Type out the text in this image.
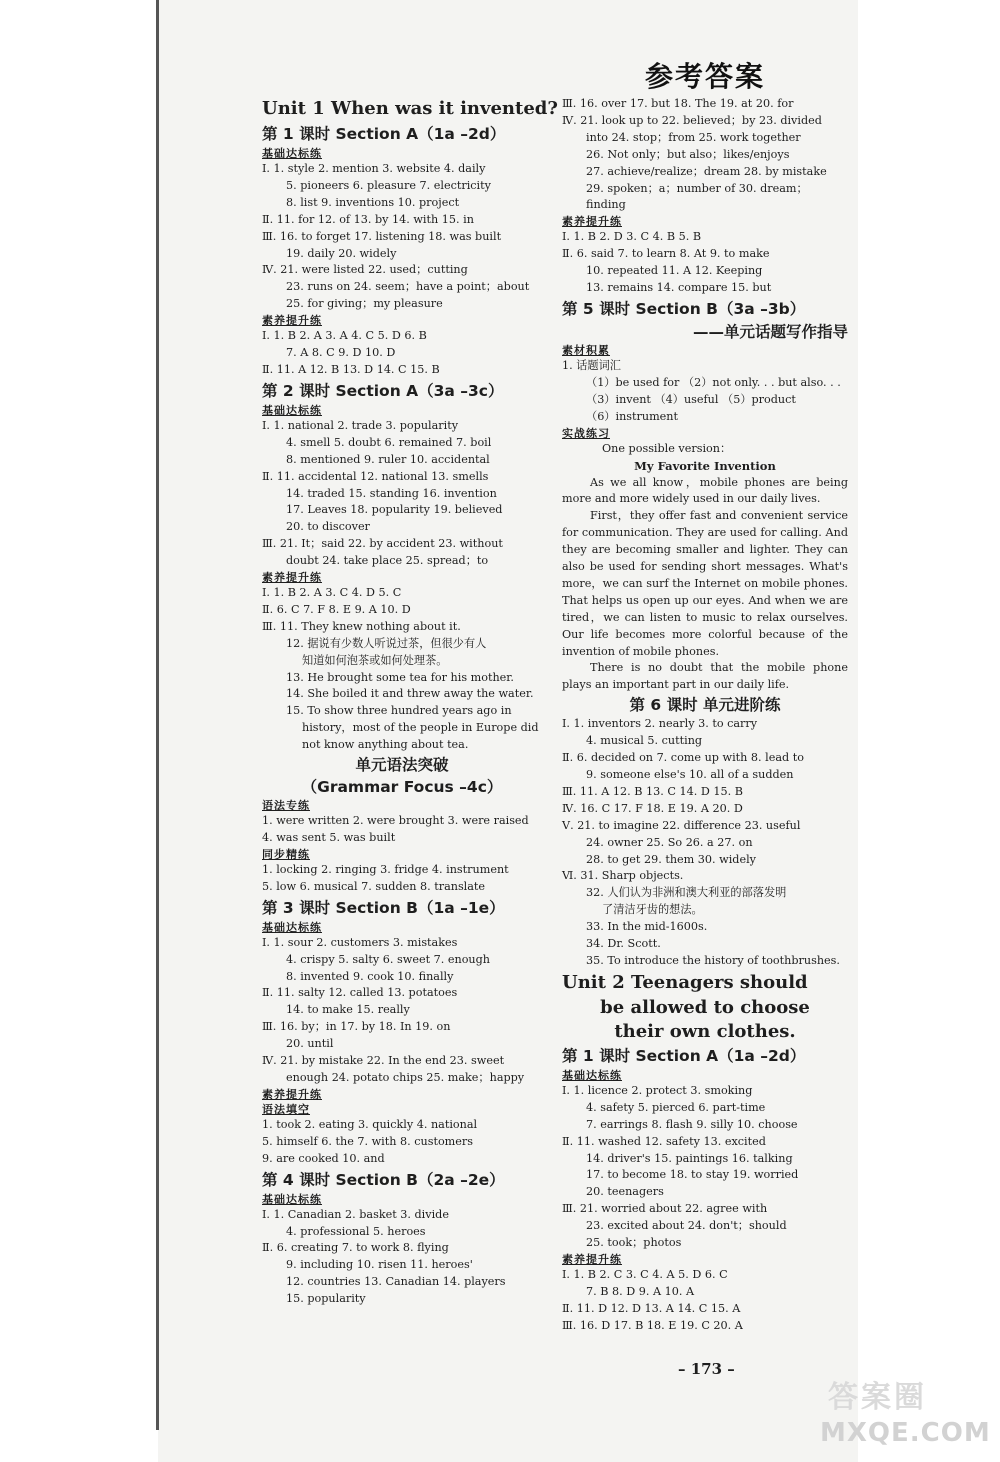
参考答案
Unit 1 When was it invented?
第 1 课时 Section A（1a –2d）
基础达标练
Ⅰ. 1. style 2. mention 3. website 4. daily
5. pioneers 6. pleasure 7. electricity
8. list 9. inventions 10. project
Ⅱ. 11. for 12. of 13. by 14. with 15. in
Ⅲ. 16. to forget 17. listening 18. was built
19. daily 20. widely
Ⅳ. 21. were listed 22. used；cutting
23. runs on 24. seem；have a point；about
25. for giving；my pleasure
素养提升练
Ⅰ. 1. B 2. A 3. A 4. C 5. D 6. B
7. A 8. C 9. D 10. D
Ⅱ. 11. A 12. B 13. D 14. C 15. B
第 2 课时 Section A（3a –3c）
基础达标练
Ⅰ. 1. national 2. trade 3. popularity
4. smell 5. doubt 6. remained 7. boil
8. mentioned 9. ruler 10. accidental
Ⅱ. 11. accidental 12. national 13. smells
14. traded 15. standing 16. invention
17. Leaves 18. popularity 19. believed
20. to discover
Ⅲ. 21. It；said 22. by accident 23. without
doubt 24. take place 25. spread；to
素养提升练
Ⅰ. 1. B 2. A 3. C 4. D 5. C
Ⅱ. 6. C 7. F 8. E 9. A 10. D
Ⅲ. 11. They knew nothing about it.
12. 据说有少数人听说过茶，但很少有人
知道如何泡茶或如何处理茶。
13. He brought some tea for his mother.
14. She boiled it and threw away the water.
15. To show three hundred years ago in
history，most of the people in Europe did
not know anything about tea.
单元语法突破
（Grammar Focus –4c）
语法专练
1. were written 2. were brought 3. were raised
4. was sent 5. was built
同步精练
1. locking 2. ringing 3. fridge 4. instrument
5. low 6. musical 7. sudden 8. translate
第 3 课时 Section B（1a –1e）
基础达标练
Ⅰ. 1. sour 2. customers 3. mistakes
4. crispy 5. salty 6. sweet 7. enough
8. invented 9. cook 10. finally
Ⅱ. 11. salty 12. called 13. potatoes
14. to make 15. really
Ⅲ. 16. by；in 17. by 18. In 19. on
20. until
Ⅳ. 21. by mistake 22. In the end 23. sweet
enough 24. potato chips 25. make；happy
素养提升练
语法填空
1. took 2. eating 3. quickly 4. national
5. himself 6. the 7. with 8. customers
9. are cooked 10. and
第 4 课时 Section B（2a –2e）
基础达标练
Ⅰ. 1. Canadian 2. basket 3. divide
4. professional 5. heroes
Ⅱ. 6. creating 7. to work 8. flying
9. including 10. risen 11. heroes'
12. countries 13. Canadian 14. players
15. popularity
Ⅲ. 16. over 17. but 18. The 19. at 20. for
Ⅳ. 21. look up to 22. believed；by 23. divided
into 24. stop；from 25. work together
26. Not only；but also；likes/enjoys
27. achieve/realize；dream 28. by mistake
29. spoken；a；number of 30. dream；
finding
素养提升练
Ⅰ. 1. B 2. D 3. C 4. B 5. B
Ⅱ. 6. said 7. to learn 8. At 9. to make
10. repeated 11. A 12. Keeping
13. remains 14. compare 15. but
第 5 课时 Section B（3a –3b）
——单元话题写作指导
素材积累
1. 话题词汇
（1）be used for （2）not only. . . but also. . .
（3）invent （4）useful （5）product
（6）instrument
实战练习
One possible version：
My Favorite Invention
As we all know，mobile phones are being more and more widely used in our daily lives.
First，they offer fast and convenient service for communication. They are used for calling. And they are becoming smaller and lighter. They can also be used for sending short messages. What's more，we can surf the Internet on mobile phones. That helps us open up our eyes. And when we are tired，we can listen to music to relax ourselves. Our life becomes more colorful because of the invention of mobile phones.
There is no doubt that the mobile phone plays an important part in our daily life.
第 6 课时 单元进阶练
Ⅰ. 1. inventors 2. nearly 3. to carry
4. musical 5. cutting
Ⅱ. 6. decided on 7. come up with 8. lead to
9. someone else's 10. all of a sudden
Ⅲ. 11. A 12. B 13. C 14. D 15. B
Ⅳ. 16. C 17. F 18. E 19. A 20. D
Ⅴ. 21. to imagine 22. difference 23. useful
24. owner 25. So 26. a 27. on
28. to get 29. them 30. widely
Ⅵ. 31. Sharp objects.
32. 人们认为非洲和澳大利亚的部落发明
了清洁牙齿的想法。
33. In the mid-1600s.
34. Dr. Scott.
35. To introduce the history of toothbrushes.
Unit 2 Teenagers should
be allowed to choose
their own clothes.
第 1 课时 Section A（1a –2d）
基础达标练
Ⅰ. 1. licence 2. protect 3. smoking
4. safety 5. pierced 6. part-time
7. earrings 8. flash 9. silly 10. choose
Ⅱ. 11. washed 12. safety 13. excited
14. driver's 15. paintings 16. talking
17. to become 18. to stay 19. worried
20. teenagers
Ⅲ. 21. worried about 22. agree with
23. excited about 24. don't；should
25. took；photos
素养提升练
Ⅰ. 1. B 2. C 3. C 4. A 5. D 6. C
7. B 8. D 9. A 10. A
Ⅱ. 11. D 12. D 13. A 14. C 15. A
Ⅲ. 16. D 17. B 18. E 19. C 20. A
– 173 –
答案圈
MXQE.COM
